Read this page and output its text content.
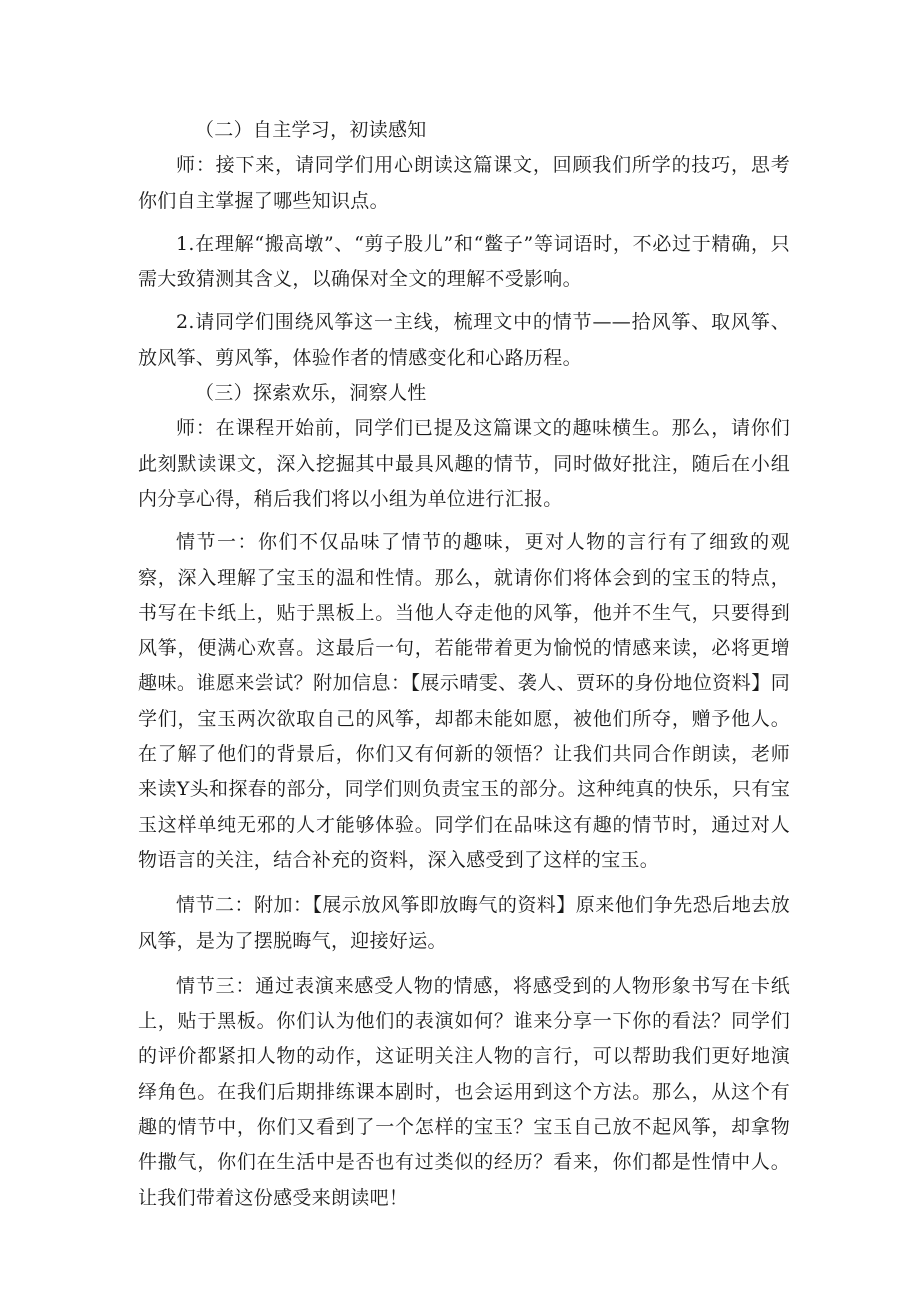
（二）自主学习，初读感知

师：接下来，请同学们用心朗读这篇课文，回顾我们所学的技巧，思考你们自主掌握了哪些知识点。

1.在理解“搬高墩”、“剪子股儿”和“鳖子”等词语时，不必过于精确，只需大致猜测其含义，以确保对全文的理解不受影响。

2.请同学们围绕风筝这一主线，梳理文中的情节——拾风筝、取风筝、放风筝、剪风筝，体验作者的情感变化和心路历程。

（三）探索欢乐，洞察人性

师：在课程开始前，同学们已提及这篇课文的趣味横生。那么，请你们此刻默读课文，深入挖掘其中最具风趣的情节，同时做好批注，随后在小组内分享心得，稍后我们将以小组为单位进行汇报。

情节一：你们不仅品味了情节的趣味，更对人物的言行有了细致的观察，深入理解了宝玉的温和性情。那么，就请你们将体会到的宝玉的特点，书写在卡纸上，贴于黑板上。当他人夺走他的风筝，他并不生气，只要得到风筝，便满心欢喜。这最后一句，若能带着更为愉悦的情感来读，必将更增趣味。谁愿来尝试？附加信息：【展示晴雯、袭人、贾环的身份地位资料】同学们，宝玉两次欲取自己的风筝，却都未能如愿，被他们所夺，赠予他人。在了解了他们的背景后，你们又有何新的领悟？让我们共同合作朗读，老师来读Y头和探春的部分，同学们则负责宝玉的部分。这种纯真的快乐，只有宝玉这样单纯无邪的人才能够体验。同学们在品味这有趣的情节时，通过对人物语言的关注，结合补充的资料，深入感受到了这样的宝玉。

情节二：附加：【展示放风筝即放晦气的资料】原来他们争先恐后地去放风筝，是为了摆脱晦气，迎接好运。

情节三：通过表演来感受人物的情感，将感受到的人物形象书写在卡纸上，贴于黑板。你们认为他们的表演如何？谁来分享一下你的看法？同学们的评价都紧扣人物的动作，这证明关注人物的言行，可以帮助我们更好地演绎角色。在我们后期排练课本剧时，也会运用到这个方法。那么，从这个有趣的情节中，你们又看到了一个怎样的宝玉？宝玉自己放不起风筝，却拿物件撒气，你们在生活中是否也有过类似的经历？看来，你们都是性情中人。让我们带着这份感受来朗读吧！
